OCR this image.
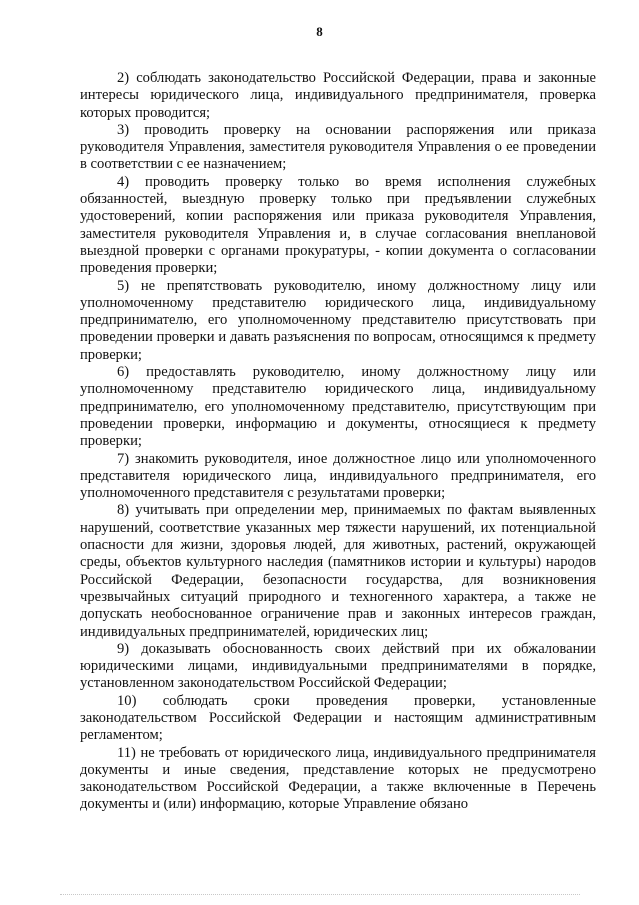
8

2) соблюдать законодательство Российской Федерации, права и законные интересы юридического лица, индивидуального предпринимателя, проверка которых проводится;

3) проводить проверку на основании распоряжения или приказа руководителя Управления, заместителя руководителя Управления о ее проведении в соответствии с ее назначением;

4) проводить проверку только во время исполнения служебных обязанностей, выездную проверку только при предъявлении служебных удостоверений, копии распоряжения или приказа руководителя Управления, заместителя руководителя Управления и, в случае согласования внеплановой выездной проверки с органами прокуратуры, - копии документа о согласовании проведения проверки;

5) не препятствовать руководителю, иному должностному лицу или уполномоченному представителю юридического лица, индивидуальному предпринимателю, его уполномоченному представителю присутствовать при проведении проверки и давать разъяснения по вопросам, относящимся к предмету проверки;

6) предоставлять руководителю, иному должностному лицу или уполномоченному представителю юридического лица, индивидуальному предпринимателю, его уполномоченному представителю, присутствующим при проведении проверки, информацию и документы, относящиеся к предмету проверки;

7) знакомить руководителя, иное должностное лицо или уполномоченного представителя юридического лица, индивидуального предпринимателя, его уполномоченного представителя с результатами проверки;

8) учитывать при определении мер, принимаемых по фактам выявленных нарушений, соответствие указанных мер тяжести нарушений, их потенциальной опасности для жизни, здоровья людей, для животных, растений, окружающей среды, объектов культурного наследия (памятников истории и культуры) народов Российской Федерации, безопасности государства, для возникновения чрезвычайных ситуаций природного и техногенного характера, а также не допускать необоснованное ограничение прав и законных интересов граждан, индивидуальных предпринимателей, юридических лиц;

9) доказывать обоснованность своих действий при их обжаловании юридическими лицами, индивидуальными предпринимателями в порядке, установленном законодательством Российской Федерации;

10) соблюдать сроки проведения проверки, установленные законодательством Российской Федерации и настоящим административным регламентом;

11) не требовать от юридического лица, индивидуального предпринимателя документы и иные сведения, представление которых не предусмотрено законодательством Российской Федерации, а также включенные в Перечень документы и (или) информацию, которые Управление обязано
